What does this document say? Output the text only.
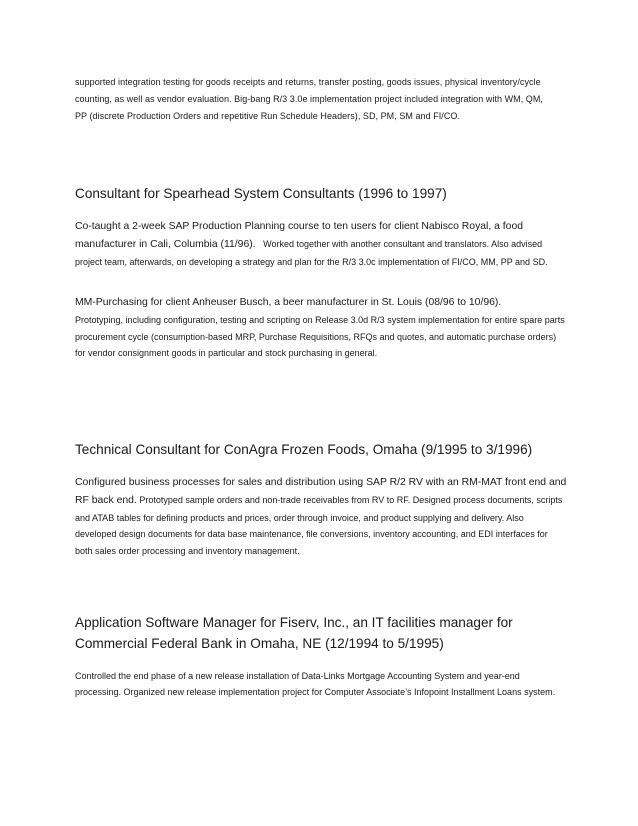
supported integration testing for goods receipts and returns, transfer posting, goods issues, physical inventory/cycle counting, as well as vendor evaluation. Big-bang R/3 3.0e implementation project included integration with WM, QM, PP (discrete Production Orders and repetitive Run Schedule Headers), SD, PM, SM and FI/CO.

Consultant for Spearhead System Consultants (1996 to 1997)

Co-taught a 2-week SAP Production Planning course to ten users for client Nabisco Royal, a food manufacturer in Cali, Columbia (11/96). Worked together with another consultant and translators. Also advised project team, afterwards, on developing a strategy and plan for the R/3 3.0c implementation of FI/CO, MM, PP and SD.

MM-Purchasing for client Anheuser Busch, a beer manufacturer in St. Louis (08/96 to 10/96).
Prototyping, including configuration, testing and scripting on Release 3.0d R/3 system implementation for entire spare parts procurement cycle (consumption-based MRP, Purchase Requisitions, RFQs and quotes, and automatic purchase orders) for vendor consignment goods in particular and stock purchasing in general.

Technical Consultant for ConAgra Frozen Foods, Omaha (9/1995 to 3/1996)

Configured business processes for sales and distribution using SAP R/2 RV with an RM-MAT front end and RF back end. Prototyped sample orders and non-trade receivables from RV to RF. Designed process documents, scripts and ATAB tables for defining products and prices, order through invoice, and product supplying and delivery. Also developed design documents for data base maintenance, file conversions, inventory accounting, and EDI interfaces for both sales order processing and inventory management.

Application Software Manager for Fiserv, Inc., an IT facilities manager for Commercial Federal Bank in Omaha, NE (12/1994 to 5/1995)

Controlled the end phase of a new release installation of Data-Links Mortgage Accounting System and year-end processing. Organized new release implementation project for Computer Associate’s Infopoint Installment Loans system.
